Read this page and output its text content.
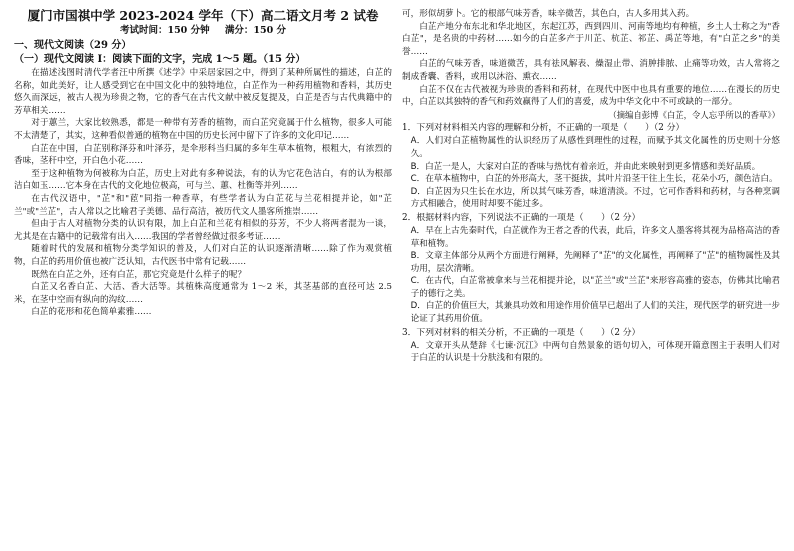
厦门市国祺中学 2023-2024 学年（下）高二语文月考 2 试卷

考试时间：150 分钟 满分：150 分

一、现代文阅读（29 分）

（一）现代文阅读 I：阅读下面的文字，完成 1～5 题。（15 分）

在描述浅图时清代学者汪中所撰《述学》中采居家园之中，得到了某种所属性的描述，白芷的名称，如此美好，让人感受到它在中国文化中的独特地位，白芷作为一种药用植物和香料，其历史悠久而深远，被古人视为珍贵之物，它的香气在古代文献中被反复提及，白芷是否与古代典籍中的芳草相关……

对于蕙兰，大家比较熟悉，都是一种带有芳香的植物，而白芷究竟属于什么植物，很多人可能不太清楚了，其实，这种看似普通的植物在中国的历史长河中留下了许多的文化印记……

白芷在中国，白芷别称泽芬和叶泽芬，是伞形科当归属的多年生草本植物，根粗大，有浓烈的香味，茎秆中空，开白色小花……

至于这种植物为何被称为白芷，历史上对此有多种说法，有的认为它花色洁白，有的认为根部洁白如玉……它本身在古代的文化地位极高，可与兰、蕙、杜衡等并列……

在古代汉语中，"芷"和"茝"同指一种香草，有些学者认为白芷花与兰花相提并论，如"芷兰"或"兰芷"，古人常以之比喻君子美德、品行高洁，被历代文人墨客所推崇……

但由于古人对植物分类的认识有限，加上白芷和兰花有相似的芬芳，不少人将两者混为一谈，尤其是在古籍中的记载常有出入……我国的学者曾经做过很多考证……

随着时代的发展和植物分类学知识的普及，人们对白芷的认识逐渐清晰……除了作为观赏植物，白芷的药用价值也被广泛认知，古代医书中常有记载……

既然在白芷之外，还有白芷，那它究竟是什么样子的呢？

白芷又名香白芷、大活、香大活等。其植株高度通常为 1～2 米，其茎基部的直径可达 2.5 米，在茎中空而有纵向的沟纹……

白芷的花形和花色简单素雅……

可，形似胡萝卜。它的根部气味芳香，味辛微苦，其色白，古人多用其入药。

白芷产地分布东北和华北地区，东起江苏，西到四川、河南等地均有种植，乡土人士称之为"香白芷"，是名贵的中药材……如今的白芷多产于川芷、杭芷、祁芷、禹芷等地，有"白芷之乡"的美誉……

白芷的气味芳香，味道微苦，具有祛风解表、燥湿止带、消肿排脓、止痛等功效，古人常将之制成香囊、香料，或用以沐浴、熏衣……

白芷不仅在古代被视为珍贵的香料和药材，在现代中医中也具有重要的地位……在漫长的历史中，白芷以其独特的香气和药效赢得了人们的喜爱，成为中华文化中不可或缺的一部分。

（摘编自彭博《白芷，令人忘乎所以的香草》）

1．下列对材料相关内容的理解和分析，不正确的一项是（　　）（2 分）

A．人们对白芷植物属性的认识经历了从感性到理性的过程，而赋予其文化属性的历史则十分悠久。

B．白芷一是人，大家对白芷的香味与热忱有着亲近，并由此来映射到更多情感和美好品质。

C．在草本植物中，白芷的外形高大，茎干挺拔，其叶片沿茎干往上生长，花朵小巧，颜色洁白。

D．白芷因为只生长在水边，所以其气味芳香，味道清淡。不过，它可作香料和药材，与各种烹调方式相融合，使用时却要不能过多。

2．根据材料内容，下列说法不正确的一项是（　　）（2 分）

A．早在上古先秦时代，白芷就作为王者之香的代表，此后，许多文人墨客将其视为品格高洁的香草和植物。

B．文章主体部分从两个方面进行阐释，先阐释了"芷"的文化属性，再阐释了"芷"的植物属性及其功用，层次清晰。

C．在古代，白芷常被拿来与兰花相提并论，以"芷兰"或"兰芷"来形容高雅的姿态，仿佛其比喻君子的德行之美。

D．白芷的价值巨大，其兼具功效和用途作用价值早已超出了人们的关注，现代医学的研究进一步论证了其药用价值。

3．下列对材料的相关分析，不正确的一项是（　　）（2 分）

A．文章开头从楚辞《七谏·沉江》中两句自然景象的语句切入，可体现开篇意图主于表明人们对于白芷的认识是十分肤浅和有限的。
